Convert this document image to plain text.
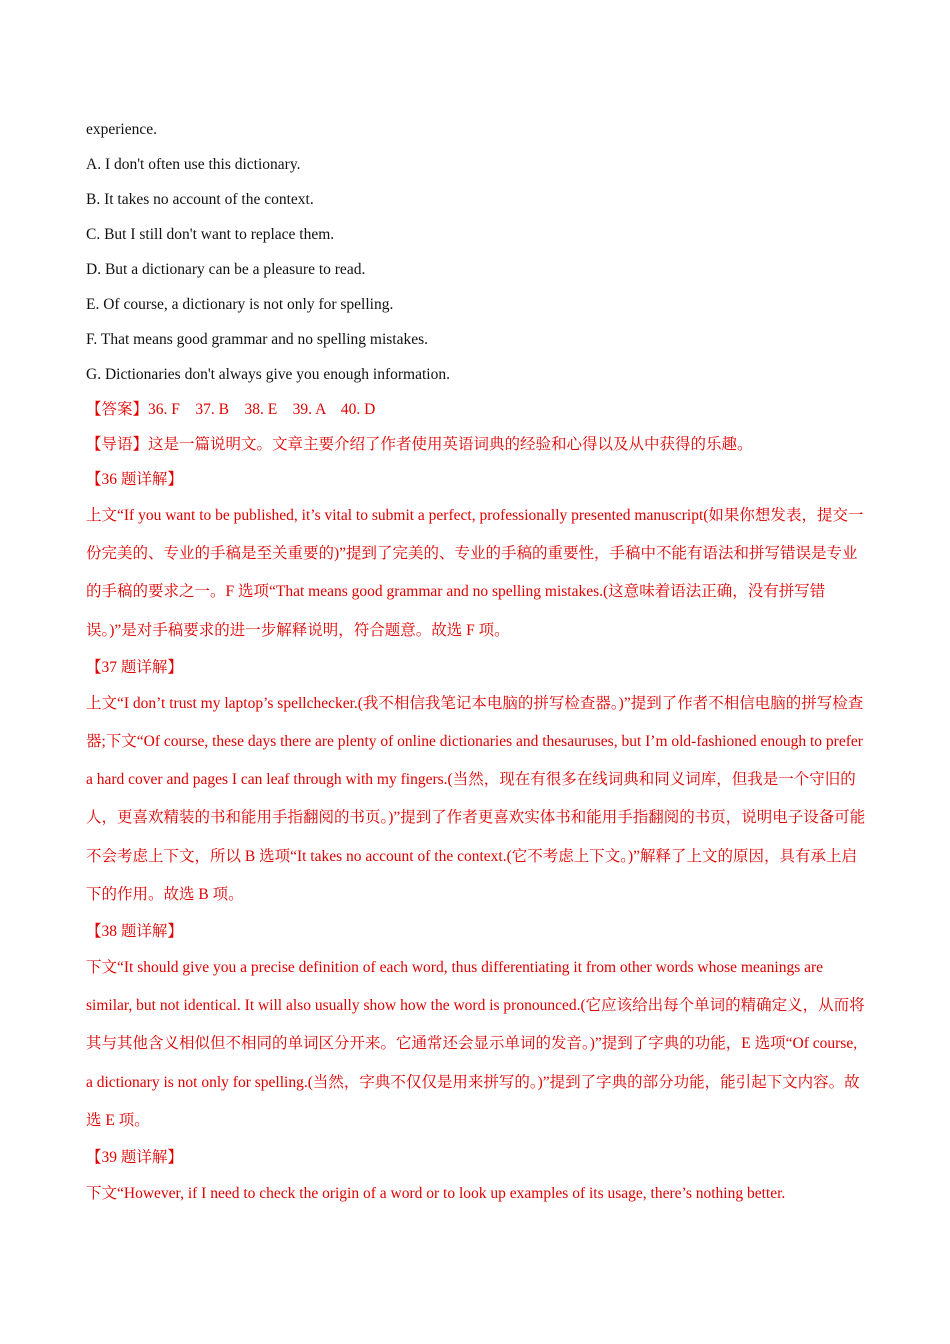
experience.

A. I don't often use this dictionary.

B. It takes no account of the context.

C. But I still don't want to replace them.

D. But a dictionary can be a pleasure to read.

E. Of course, a dictionary is not only for spelling.

F. That means good grammar and no spelling mistakes.

G. Dictionaries don't always give you enough information.

【答案】36. F    37. B    38. E    39. A    40. D

【导语】这是一篇说明文。文章主要介绍了作者使用英语词典的经验和心得以及从中获得的乐趣。

【36 题详解】

上文“If you want to be published, it’s vital to submit a perfect, professionally presented manuscript(如果你想发表，提交一份完美的、专业的手稿是至关重要的)”提到了完美的、专业的手稿的重要性，手稿中不能有语法和拼写错误是专业的手稿的要求之一。F 选项“That means good grammar and no spelling mistakes.(这意味着语法正确，没有拼写错误。)”是对手稿要求的进一步解释说明，符合题意。故选 F 项。

【37 题详解】

上文“I don’t trust my laptop’s spellchecker.(我不相信我笔记本电脑的拼写检查器。)”提到了作者不相信电脑的拼写检查器;下文“Of course, these days there are plenty of online dictionaries and thesauruses, but I’m old-fashioned enough to prefer a hard cover and pages I can leaf through with my fingers.(当然，现在有很多在线词典和同义词库，但我是一个守旧的人，更喜欢精装的书和能用手指翻阅的书页。)”提到了作者更喜欢实体书和能用手指翻阅的书页，说明电子设备可能不会考虑上下文，所以 B 选项“It takes no account of the context.(它不考虑上下文。)”解释了上文的原因，具有承上启下的作用。故选 B 项。

【38 题详解】

下文“It should give you a precise definition of each word, thus differentiating it from other words whose meanings are similar, but not identical. It will also usually show how the word is pronounced.(它应该给出每个单词的精确定义，从而将其与其他含义相似但不相同的单词区分开来。它通常还会显示单词的发音。)”提到了字典的功能，E 选项“Of course, a dictionary is not only for spelling.(当然，字典不仅仅是用来拼写的。)”提到了字典的部分功能，能引起下文内容。故选 E 项。

【39 题详解】

下文“However, if I need to check the origin of a word or to look up examples of its usage, there’s nothing better.
